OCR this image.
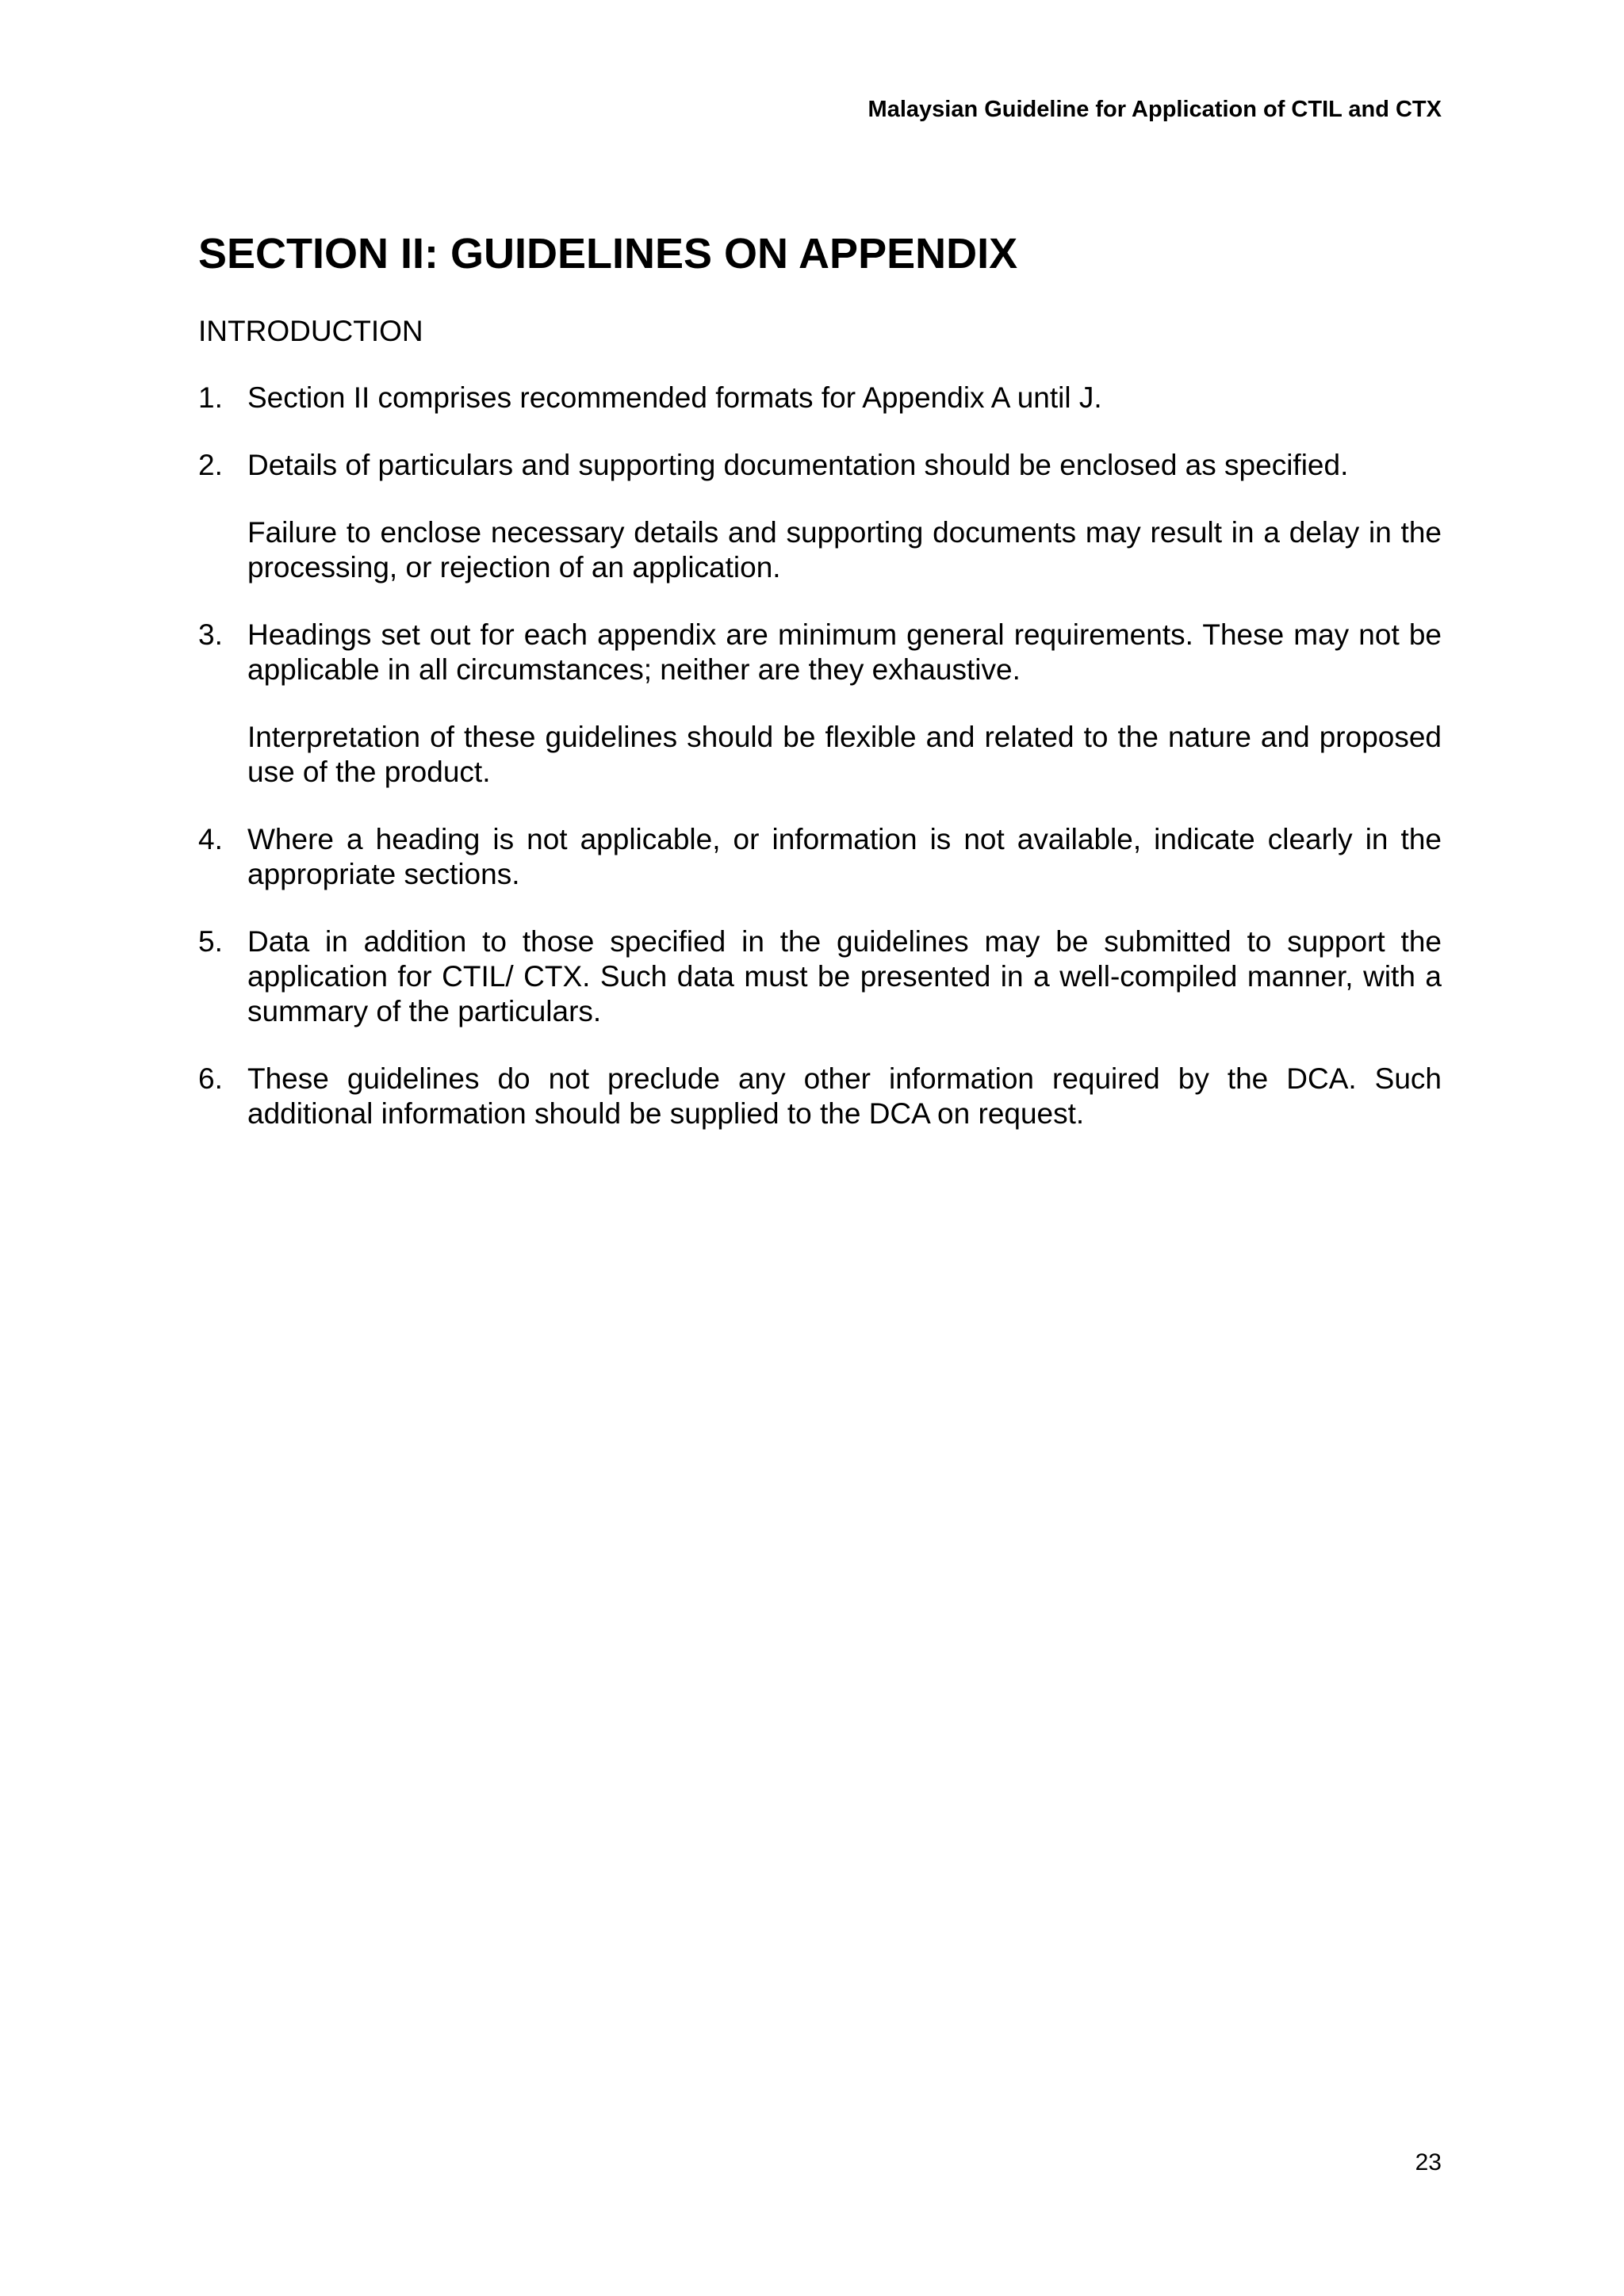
Malaysian Guideline for Application of CTIL and CTX
SECTION II: GUIDELINES ON APPENDIX
INTRODUCTION
1. Section II comprises recommended formats for Appendix A until J.

2. Details of particulars and supporting documentation should be enclosed as specified.

Failure to enclose necessary details and supporting documents may result in a delay in the processing, or rejection of an application.

3. Headings set out for each appendix are minimum general requirements. These may not be applicable in all circumstances; neither are they exhaustive.

Interpretation of these guidelines should be flexible and related to the nature and proposed use of the product.

4. Where a heading is not applicable, or information is not available, indicate clearly in the appropriate sections.

5. Data in addition to those specified in the guidelines may be submitted to support the application for CTIL/ CTX. Such data must be presented in a well-compiled manner, with a summary of the particulars.

6. These guidelines do not preclude any other information required by the DCA. Such additional information should be supplied to the DCA on request.

23
